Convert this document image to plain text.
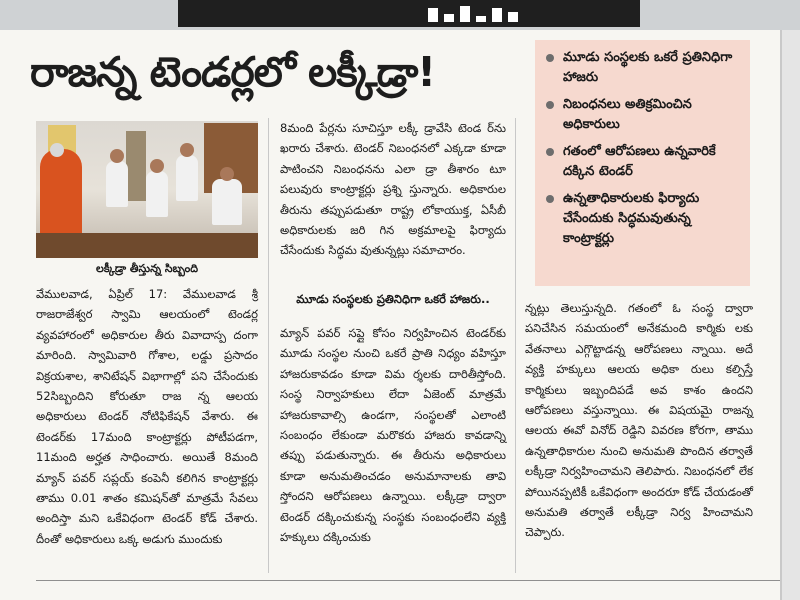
రాజన్న టెండర్లలో లక్కీడ్రా!	మూడు సంస్థలకు ఒకరే ప్రతినిధిగా హాజరు
నిబంధనలు అతిక్రమించిన అధికారులు
గతంలో ఆరోపణలు ఉన్నవారికే దక్కిన టెండర్
ఉన్నతాధికారులకు ఫిర్యాదు చేసేందుకు సిద్ధమవుతున్న కాంట్రాక్టర్లు
లక్కీడ్రా తీస్తున్న సిబ్బంది

వేములవాడ, ఏప్రిల్ 17: వేములవాడ శ్రీ రాజరాజేశ్వర స్వామి ఆలయంలో టెండర్ల వ్యవహారంలో అధికారుల తీరు వివాదాస్ప దంగా మారింది. స్వామివారి గోశాల, లడ్డు ప్రసాదం విక్రయశాల, శానిటేషన్ విభాగాల్లో పని చేసేందుకు 52సిబ్బందిని కోరుతూ రాజ న్న ఆలయ అధికారులు టెండర్ నోటిఫికేషన్ వేశారు. ఈ టెండర్‌కు 17మంది కాంట్రాక్టర్లు పోటీపడగా, 11మంది అర్హత సాధించారు. అయితే 8మంది మ్యాన్ పవర్ సప్లయ్ కంపెనీ కలిగిన కాంట్రాక్టర్లు తాము 0.01 శాతం కమిషన్‌తో మాత్రమే సేవలు అందిస్తా మని ఒకేవిధంగా టెండర్ కోడ్ చేశారు. దీంతో అధికారులు ఒక్క అడుగు ముందుకు

8మంది పేర్లను సూచిస్తూ లక్కీ డ్రావేసి టెండ ర్‌ను ఖరారు చేశారు. టెండర్ నిబంధనలో ఎక్కడా కూడా పాటించని నిబంధనను ఎలా డ్రా తీశారం టూ పలువురు కాంట్రాక్టర్లు ప్రశ్ని స్తున్నారు. అధికారుల తీరును తప్పుపడుతూ రాష్ట్ర లోకాయుక్త, ఏసీబీ అధికారులకు జరి గిన అక్రమాలపై ఫిర్యాదు చేసేందుకు సిద్ధమ వుతున్నట్లు సమాచారం.

మూడు సంస్థలకు ప్రతినిధిగా ఒకరే హాజరు..

మ్యాన్ పవర్ సప్లై కోసం నిర్వహించిన టెండర్‌కు మూడు సంస్థల నుంచి ఒకరే ప్రాతి నిధ్యం వహిస్తూ హాజరుకావడం కూడా విమ ర్శలకు దారితీస్తోంది. సంస్థ నిర్వాహకులు లేదా ఏజెంట్ మాత్రమే హాజరుకావాల్సి ఉండగా, సంస్థలతో ఎలాంటి సంబంధం లేకుండా మరొకరు హాజరు కావడాన్ని తప్పు పడుతున్నారు. ఈ తీరును అధికారులు కూడా అనుమతించడం అనుమానాలకు తావి స్తోందని ఆరోపణలు ఉన్నాయి. లక్కీడ్రా ద్వారా టెండర్ దక్కించుకున్న సంస్థకు సంబంధంలేని వ్యక్తి హక్కులు దక్కించుకు

న్నట్లు తెలుస్తున్నది. గతంలో ఓ సంస్థ ద్వారా పనిచేసిన సమయంలో అనేకమంది కార్మికు లకు వేతనాలు ఎగ్గొట్టాడన్న ఆరోపణలు న్నాయి. అదే వ్యక్తి హక్కులు ఆలయ అధికా రులు కల్పిస్తే కార్మికులు ఇబ్బందిపడే అవ కాశం ఉందని ఆరోపణలు వస్తున్నాయి. ఈ విషయమై రాజన్న ఆలయ ఈవో వినోద్‌ రెడ్డిని వివరణ కోరగా, తాము ఉన్నతాధికారుల నుంచి అనుమతి పొందిన తర్వాతే లక్కీడ్రా నిర్వహించామని తెలిపారు. నిబంధనలో లేక పోయినప్పటికీ ఒకేవిధంగా అందరూ కోడ్ చేయడంతో అనుమతి తర్వాతే లక్కీడ్రా నిర్వ హించామని చెప్పారు.
